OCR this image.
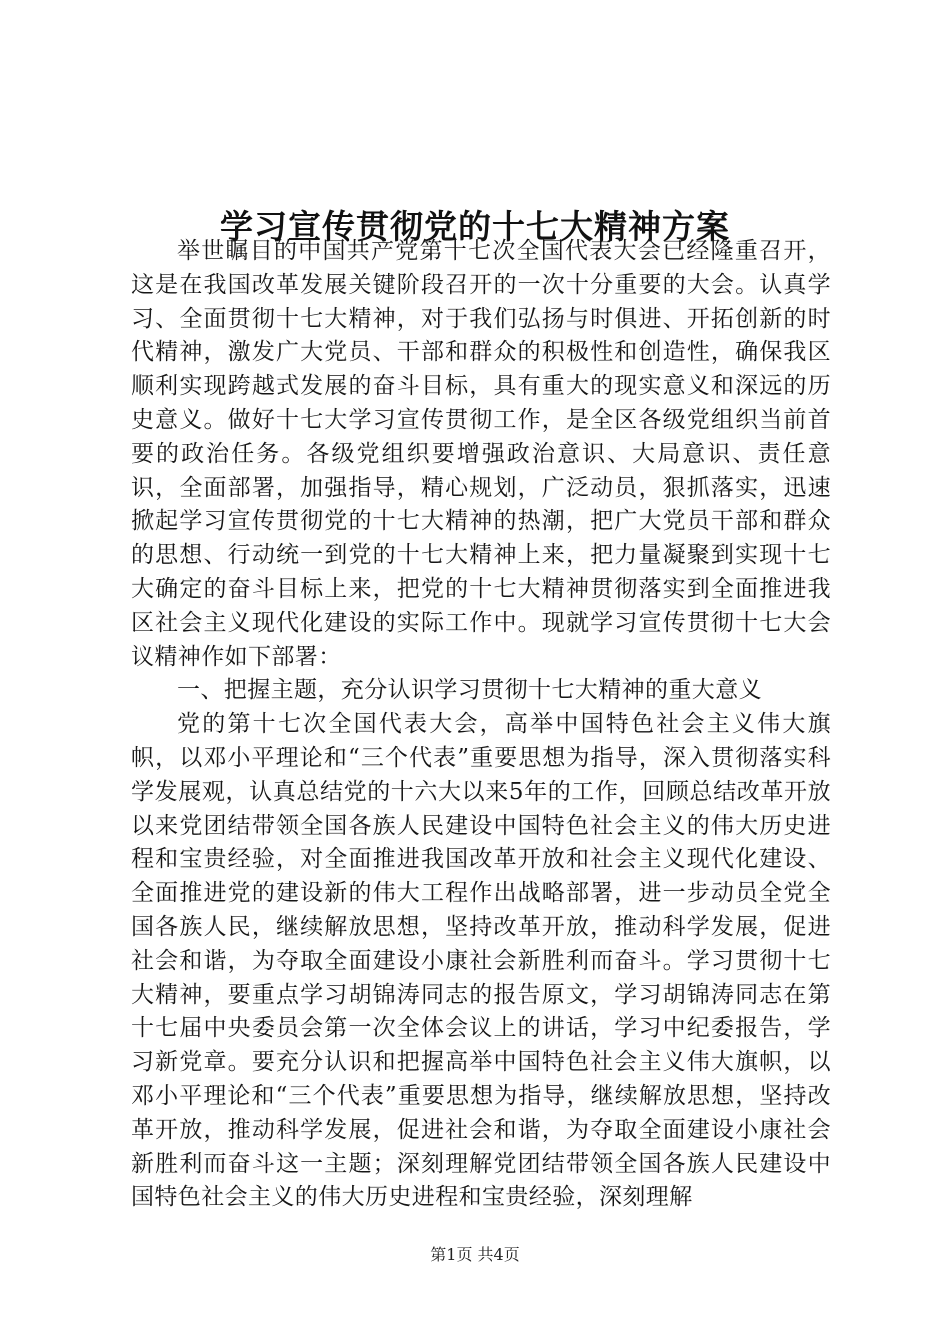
学习宣传贯彻党的十七大精神方案

举世瞩目的中国共产党第十七次全国代表大会已经隆重召开，这是在我国改革发展关键阶段召开的一次十分重要的大会。认真学习、全面贯彻十七大精神，对于我们弘扬与时俱进、开拓创新的时代精神，激发广大党员、干部和群众的积极性和创造性，确保我区顺利实现跨越式发展的奋斗目标，具有重大的现实意义和深远的历史意义。做好十七大学习宣传贯彻工作，是全区各级党组织当前首要的政治任务。各级党组织要增强政治意识、大局意识、责任意识，全面部署，加强指导，精心规划，广泛动员，狠抓落实，迅速掀起学习宣传贯彻党的十七大精神的热潮，把广大党员干部和群众的思想、行动统一到党的十七大精神上来，把力量凝聚到实现十七大确定的奋斗目标上来，把党的十七大精神贯彻落实到全面推进我区社会主义现代化建设的实际工作中。现就学习宣传贯彻十七大会议精神作如下部署：

一、把握主题，充分认识学习贯彻十七大精神的重大意义

党的第十七次全国代表大会，高举中国特色社会主义伟大旗帜，以邓小平理论和“三个代表”重要思想为指导，深入贯彻落实科学发展观，认真总结党的十六大以来5年的工作，回顾总结改革开放以来党团结带领全国各族人民建设中国特色社会主义的伟大历史进程和宝贵经验，对全面推进我国改革开放和社会主义现代化建设、全面推进党的建设新的伟大工程作出战略部署，进一步动员全党全国各族人民，继续解放思想，坚持改革开放，推动科学发展，促进社会和谐，为夺取全面建设小康社会新胜利而奋斗。学习贯彻十七大精神，要重点学习胡锦涛同志的报告原文，学习胡锦涛同志在第十七届中央委员会第一次全体会议上的讲话，学习中纪委报告，学习新党章。要充分认识和把握高举中国特色社会主义伟大旗帜，以邓小平理论和“三个代表”重要思想为指导，继续解放思想，坚持改革开放，推动科学发展，促进社会和谐，为夺取全面建设小康社会新胜利而奋斗这一主题；深刻理解党团结带领全国各族人民建设中国特色社会主义的伟大历史进程和宝贵经验，深刻理解

第1页 共4页
